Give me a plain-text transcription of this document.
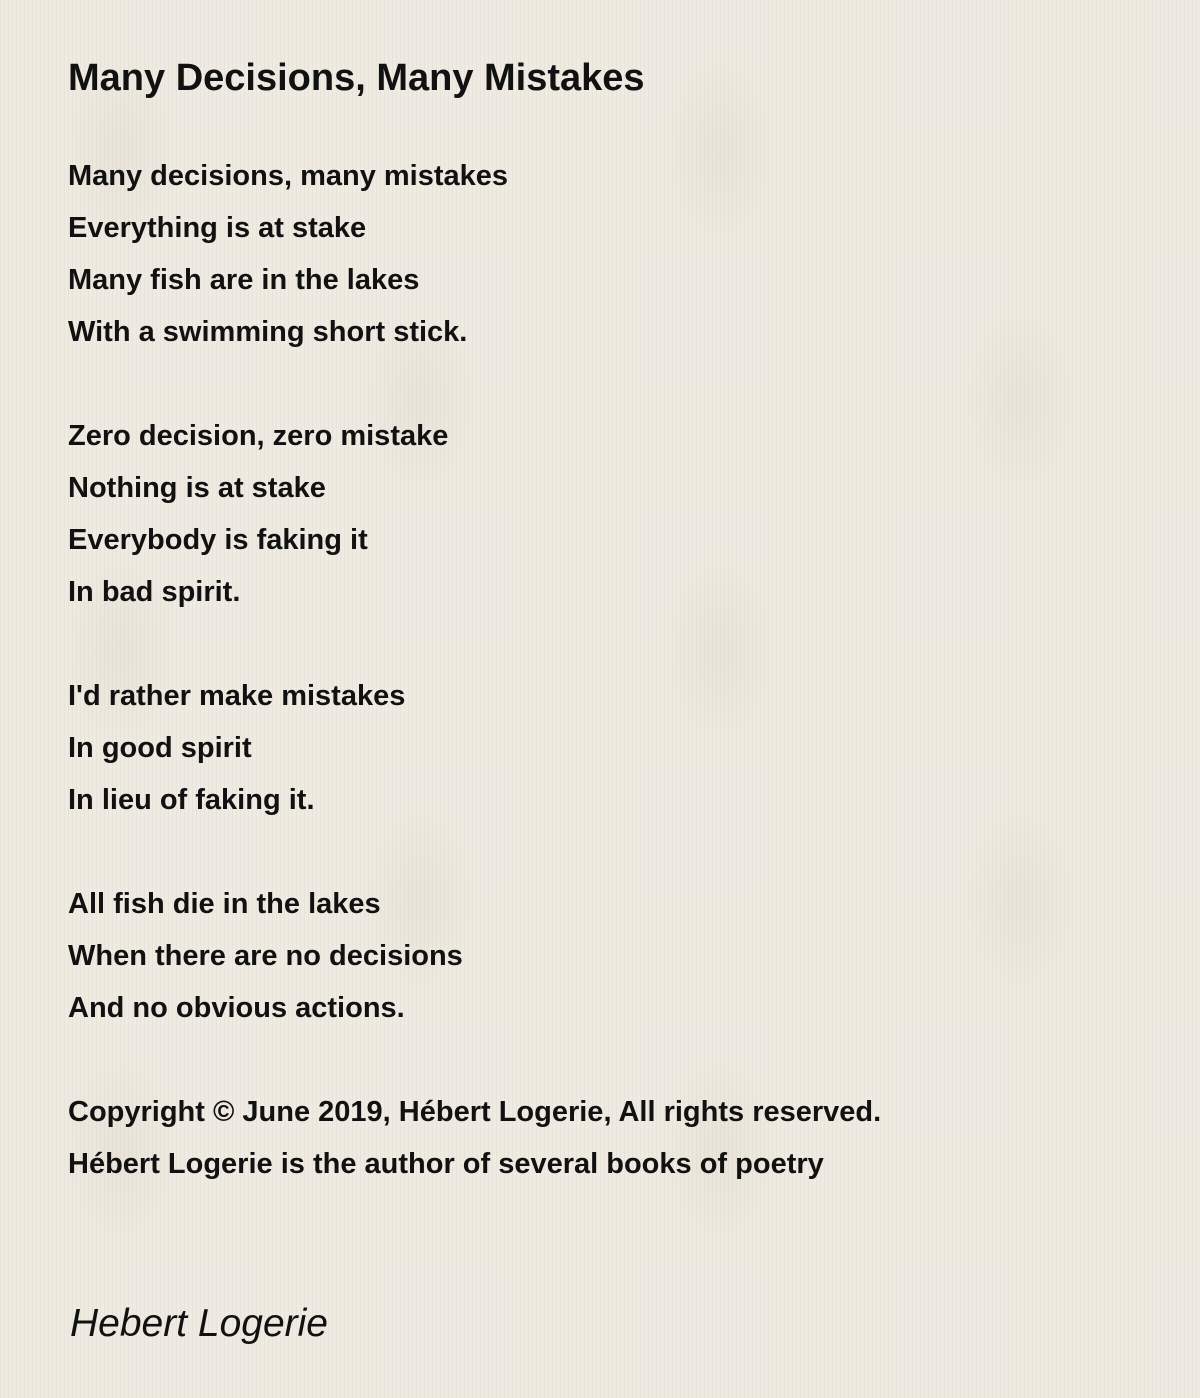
Many Decisions, Many Mistakes
Many decisions, many mistakes
Everything is at stake
Many fish are in the lakes
With a swimming short stick.
Zero decision, zero mistake
Nothing is at stake
Everybody is faking it
In bad spirit.
I'd rather make mistakes
In good spirit
In lieu of faking it.
All fish die in the lakes
When there are no decisions
And no obvious actions.
Copyright © June 2019, Hébert Logerie, All rights reserved.
Hébert Logerie is the author of several books of poetry

Hebert Logerie
